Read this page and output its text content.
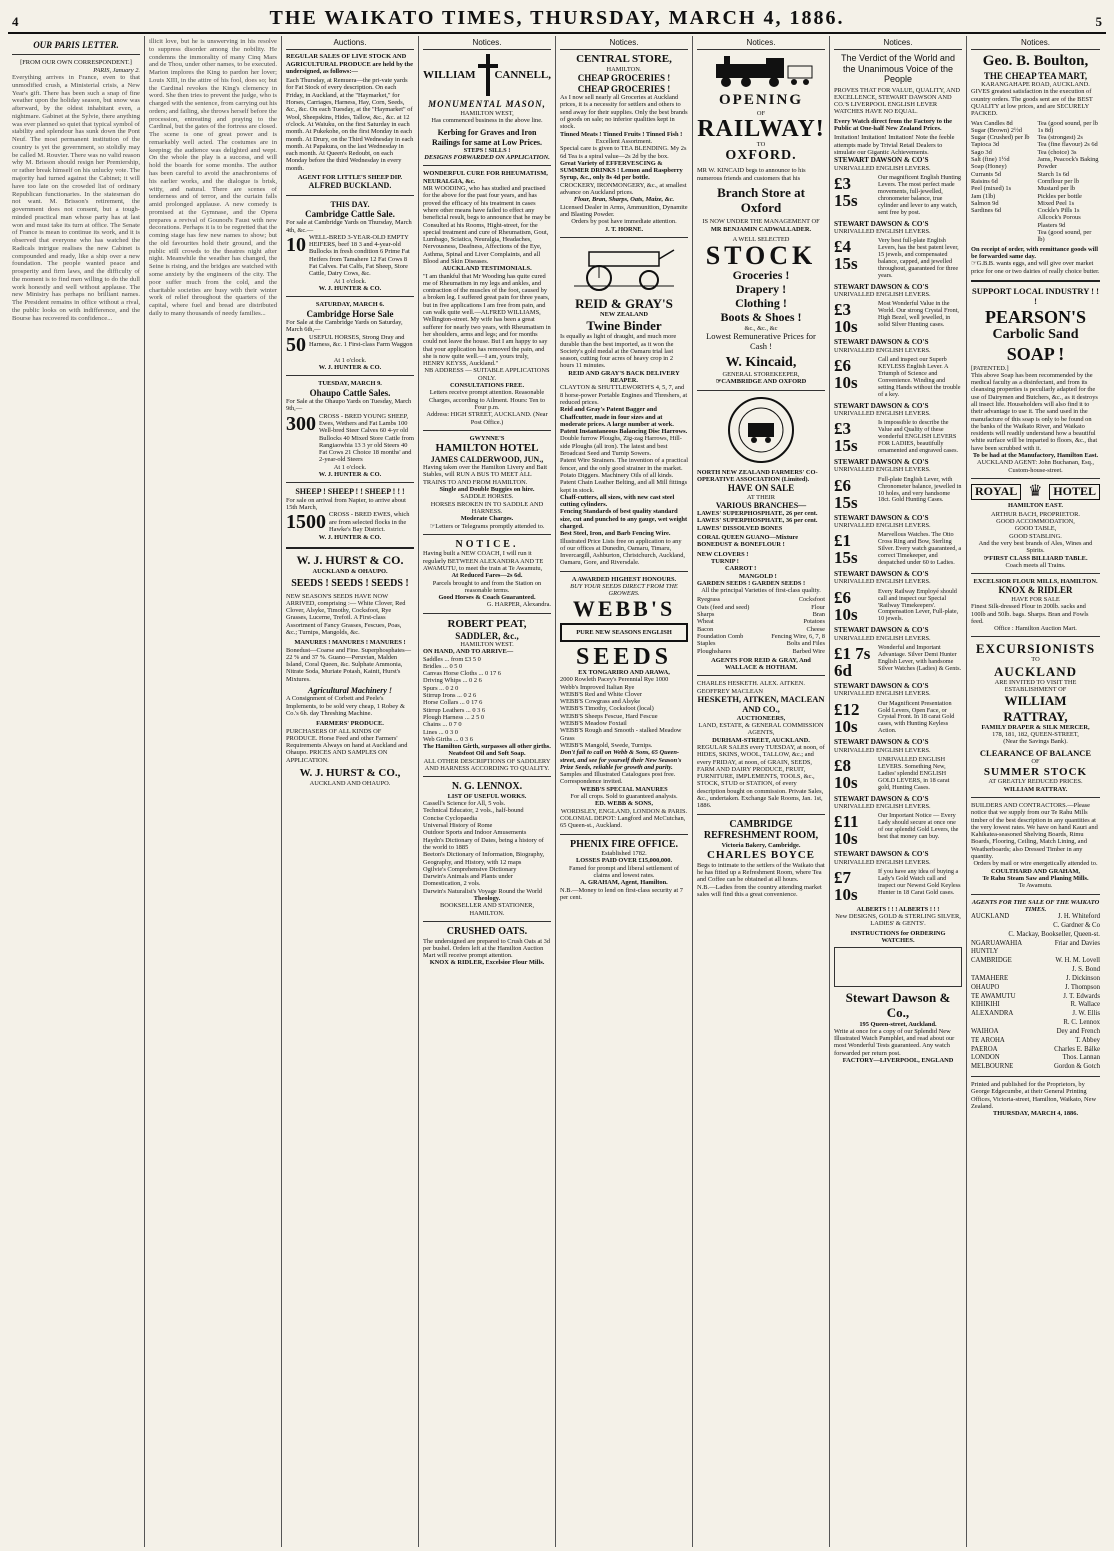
4	THE WAIKATO TIMES, THURSDAY, MARCH 4, 1886.	5
OUR PARIS LETTER.
[FROM OUR OWN CORRESPONDENT.]
PARIS, January 2.
Everything arrives in France, even to that unmodified crush, a Ministerial crisis, a New Year's gift. There has been such a snap of fine weather upon the holiday season, but snow was afterward, by the oldest inhabitant even, a nightmare. Gabinet at the Sylvie, there anything was ever planned so quiet that typical symbol of stability and splendour has sunk down the Pont Neuf. The most permanent institution of the country is yet the government, so stolidly may be called M. Rouvier. There was no valid reason why M. Brisson should resign her Premiership, or rather break himself on his unlucky vote. The majority had turned against the Cabinet; it will have too late on the crowded list of ordinary Republican functionaries. In the statesman do not want. M. Brisson's retirement, the government does not consent, but a tough-minded practical man whose party has at last won and must take its turn at office. The Senate of France is mean to continue its work, and it is observed that everyone who has watched the Radicals intrigue realises the new Cabinet is compounded and ready, like a ship over a new foundation. The people wanted peace and prosperity and firm laws, and the difficulty of the moment is to find men willing to do the dull work honestly and well without applause. The new Ministry has perhaps no brilliant names. The President remains in office without a rival, the public looks on with indifference, and the Bourse has recovered its confidence...
illicit love, but he is unswerving in his resolve to suppress disorder among the nobility. He condemns the immorality of many Cinq Mars and de Thou, under other names, to be executed. Marion implores the King to pardon her lover; Louis XIII, in the attire of his fool, does so; but the Cardinal revokes the King's clemency in word. She then tries to prevent the judge, who is charged with the sentence, from carrying out his orders; and failing, she throws herself before the procession, entreating and praying to the Cardinal, but the gates of the fortress are closed. The scene is one of great power and is remarkably well acted. The costumes are in keeping; the audience was delighted and wept. On the whole the play is a success, and will hold the boards for some months. The author has been careful to avoid the anachronisms of his earlier works, and the dialogue is brisk, witty, and natural. There are scenes of tenderness and of terror, and the curtain falls amid prolonged applause. A new comedy is promised at the Gymnase, and the Opera prepares a revival of Gounod's Faust with new decorations. Perhaps it is to be regretted that the coming stage has few new names to show; but the old favourites hold their ground, and the public still crowds to the theatres night after night. Meanwhile the weather has changed, the Seine is rising, and the bridges are watched with some anxiety by the engineers of the city. The poor suffer much from the cold, and the charitable societies are busy with their winter work of relief throughout the quarters of the capital, where fuel and bread are distributed daily to many thousands of needy families...
Auctions.
REGULAR SALES OF LIVE STOCK AND AGRICULTURAL PRODUCE are held by the undersigned, as follows:—
Each Thursday, at Remuera—the pri-vate yards for Fat Stock of every description. On each Friday, in Auckland, at the "Haymarket," for Horses, Carriages, Harness, Hay, Corn, Seeds, &c., &c. On each Tuesday, at the "Haymarket" of Wool, Sheepskins, Hides, Tallow, &c., &c. at 12 o'clock. At Waiuku, on the first Saturday in each month. At Pukekohe, on the first Monday in each month. At Drury, on the Third Wednesday in each month. At Papakura, on the last Wednesday in each month. At Queen's Redoubt, on each Monday before the third Wednesday in every month.
AGENT FOR LITTLE'S SHEEP DIP.
ALFRED BUCKLAND.
THIS DAY.
Cambridge Cattle Sale.
For sale at Cambridge Yards on Thursday, March 4th, &c.—
10 WELL-BRED 3-YEAR-OLD EMPTY HEIFERS, beef 18 3 and 4-year-old Bullocks in fresh condition 6 Prime Fat Heifers from Tamahere 12 Fat Cows 8 Fat Calves. Fat Calfs, Fat Sheep, Store Cattle, Dairy Cows, &c.
At 1 o'clock.
W. J. HUNTER & CO.
SATURDAY, MARCH 6.
Cambridge Horse Sale
For Sale at the Cambridge Yards on Saturday, March 6th,—
50 USEFUL HORSES, Strong Dray and Harness, &c. 1 First-class Farm Waggon
At 1 o'clock.
W. J. HUNTER & CO.
TUESDAY, MARCH 9.
Ohaupo Cattle Sales.
For Sale at the Ohaupo Yards on Tuesday, March 9th,—
300 CROSS - BRED YOUNG SHEEP, Ewes, Wethers and Fat Lambs 100 Well-bred Steer Calves 60 4-yr old Bullocks 40 Mixed Store Cattle from Rangiaowhia 13 3 yr old Steers 40 Fat Cows 21 Choice 18 months' and 2-year-old Steers
At 1 o'clock.
W. J. HUNTER & CO.
SHEEP ! SHEEP ! ! SHEEP ! ! !
For sale on arrival from Napier, to arrive about 15th March,
1500 CROSS - BRED EWES, which are from selected flocks in the Hawke's Bay District.
W. J. HUNTER & CO.
W. J. HURST & CO.
AUCKLAND & OHAUPO.
SEEDS ! SEEDS ! SEEDS !
NEW SEASON'S SEEDS HAVE NOW ARRIVED, comprising :— White Clover, Red Clover, Alsyke, Timothy, Cocksfoot, Rye Grasses, Lucerne, Trefoil. A First-class Assortment of Fancy Grasses, Fescues, Poas, &c.; Turnips, Mangolds, &c.
MANURES ! MANURES ! MANURES !
Bonedust—Coarse and Fine. Superphosphates—22 % and 37 %. Guano—Peruvian, Malden Island, Coral Queen, &c. Sulphate Ammonia, Nitrate Soda, Muriate Potash, Kainit, Hurst's Mixtures.
Agricultural Machinery !
A Consignment of Corbett and Peele's Implements, to be sold very cheap, 1 Robey & Co.'s 6h. day Threshing Machine.
FARMERS' PRODUCE.
PURCHASERS OF ALL KINDS OF PRODUCE. Horse Feed and other Farmers' Requirements Always on hand at Auckland and Ohaupo. PRICES AND SAMPLES ON APPLICATION.
W. J. HURST & CO.,
AUCKLAND AND OHAUPO.
Notices.
WILLIAM CANNELL,
MONUMENTAL MASON,
HAMILTON WEST,
Has commenced business in the above line.
Kerbing for Graves and Iron Railings for same at Low Prices.
STEPS ! SILLS !
DESIGNS FORWARDED ON APPLICATION.
WONDERFUL CURE FOR RHEUMATISM, NEURALGIA, &c.
MR WOODING, who has studied and practised for the above for the past four years, and has proved the efficacy of his treatment in cases where other means have failed to effect any beneficial result, begs to announce that he may be Consulted at his Rooms, Hight-street, for the special treatment and cure of Rheumatism, Gout, Lumbago, Sciatica, Neuralgia, Headaches, Nervousness, Deafness, Affections of the Eye, Asthma, Spinal and Liver Complaints, and all Blood and Skin Diseases.
AUCKLAND TESTIMONIALS.
"I am thankful that Mr Wooding has quite cured me of Rheumatism in my legs and ankles, and contraction of the muscles of the foot, caused by a broken leg. I suffered great pain for three years, but in five applications I am free from pain, and can walk quite well.—ALFRED WILLIAMS, Wellington-street. My wife has been a great sufferer for nearly two years, with Rheumatism in her shoulders, arms and legs; and for months could not leave the house. But I am happy to say that your application has removed the pain, and she is now quite well.—I am, yours truly, HENRY KEYSS, Auckland."
NB ADDRESS — SUITABLE APPLICATIONS ONLY.
CONSULTATIONS FREE.
Letters receive prompt attention. Reasonable Charges, according to Ailment. Hours: Ten to Four p.m.
Address: HIGH STREET, AUCKLAND. (Near Post Office.)
GWYNNE'S
HAMILTON HOTEL
JAMES CALDERWOOD, JUN.,
Having taken over the Hamilton Livery and Bait Stables, will RUN A BUS TO MEET ALL TRAINS TO AND FROM HAMILTON.
Single and Double Buggies on hire.
SADDLE HORSES.
HORSES BROKEN IN TO SADDLE AND HARNESS.
Moderate Charges.
☞Letters or Telegrams promptly attended to.
NOTICE.
Having built a NEW COACH, I will run it regularly BETWEEN ALEXANDRA AND TE AWAMUTU, to meet the train at Te Awamutu,
At Reduced Fares—2s 6d.
Parcels brought to and from the Station on reasonable terms.
Good Horses & Coach Guaranteed.
G. HARPER, Alexandra.
ROBERT PEAT,
SADDLER, &c.,
HAMILTON WEST.
ON HAND, AND TO ARRIVE—
Saddles ... from £3 5 0
Bridles ... 0 5 0
Canvas Horse Cloths ... 0 17 6
Driving Whips ... 0 2 6
Spurs ... 0 2 0
Stirrup Irons ... 0 2 6
Horse Collars ... 0 17 6
Stirrup Leathers ... 0 3 6
Plough Harness ... 2 5 0
Chains ... 0 7 0
Lines ... 0 3 0
Web Girths ... 0 3 6
The Hamilton Girth, surpasses all other girths.
Neatsfoot Oil and Soft Soap.
ALL OTHER DESCRIPTIONS OF SADDLERY AND HARNESS ACCORDING TO QUALITY.
N. G. LENNOX.
LIST OF USEFUL WORKS.
Cassell's Science for All, 5 vols.
Technical Educator, 2 vols., half-bound
Concise Cyclopaedia
Universal History of Rome
Outdoor Sports and Indoor Amusements
Haydn's Dictionary of Dates, being a history of the world to 1885
Beeton's Dictionary of Information, Biography, Geography, and History, with 12 maps
Ogilvie's Comprehensive Dictionary
Darwin's Animals and Plants under Domestication, 2 vols.
Darwin's Naturalist's Voyage Round the World
Theology.
BOOKSELLER AND STATIONER, HAMILTON.
CRUSHED OATS.
The undersigned are prepared to Crush Oats at 3d per bushel. Orders left at the Hamilton Auction Mart will receive prompt attention.
KNOX & RIDLER, Excelsior Flour Mills.
Notices.
CENTRAL STORE,
HAMILTON.
CHEAP GROCERIES !
CHEAP GROCERIES !
As I now sell nearly all Groceries at Auckland prices, it is a necessity for settlers and others to send away for their supplies. Only the best brands of goods on sale; no inferior qualities kept in stock.
Tinned Meats ! Tinned Fruits ! Tinned Fish !
Excellent Assortment.
Special care is given to TEA BLENDING. My 2s 6d Tea is a spiral value—2s 2d by the box.
Great Variety of EFFERVESCING & SUMMER DRINKS ! Lemon and Raspberry Syrup, &c., only 8s 4d per bottle.
CROCKERY, IRONMONGERY, &c., at smallest advance on Auckland prices.
Flour, Bran, Sharps, Oats, Maize, &c.
Licensed Dealer in Arms, Ammunition, Dynamite and Blasting Powder.
Orders by post have immediate attention.
J. T. HORNE.
REID & GRAY'S
NEW ZEALAND
Twine Binder
Is equally as light of draught, and much more durable than the best imported, as it won the Society's gold medal at the Oamaru trial last season, cutting four acres of heavy crop in 2 hours 11 minutes.
REID AND GRAY'S BACK DELIVERY REAPER.
CLAYTON & SHUTTLEWORTH'S 4, 5, 7, and 8 horse-power Portable Engines and Threshers, at reduced prices.
Reid and Gray's Patent Bagger and Chaffcutter, made in four sizes and at moderate prices. A large number at work.
Patent Instantaneous Balancing Disc Harrows.
Double furrow Ploughs, Zig-zag Harrows, Hill-side Ploughs (all iron). The latest and best Broadcast Seed and Turnip Sowers.
Patent Wire Strainers. The invention of a practical fencer, and the only good strainer in the market.
Potato Diggers. Machinery Oils of all kinds.
Patent Chain Leather Belting, and all Mill fittings kept in stock.
Chaff-cutters, all sizes, with new cast steel cutting cylinders.
Fencing Standards of best quality standard size, cut and punched to any gauge, wet weight charged.
Best Steel, Iron, and Barb Fencing Wire.
Illustrated Price Lists free on application to any of our offices at Dunedin, Oamaru, Timaru, Invercargill, Ashburton, Christchurch, Auckland, Oamaru, Gore, and Riversdale.
A AWARDED HIGHEST HONOURS.
BUY YOUR SEEDS DIRECT FROM THE GROWERS.
WEBB'S
PURE NEW SEASONS ENGLISH
SEEDS
EX TONGARIRO AND ARAWA,
2000 Rowleth Pacey's Perennial Rye 1000 Webb's Improved Italian Rye
WEBB'S Red and White Clover
WEBB'S Cowgrass and Alsyke
WEBB'S Timothy, Cocksfoot (local)
WEBB'S Sheeps Fescue, Hard Fescue
WEBB'S Meadow Foxtail
WEBB'S Rough and Smooth - stalked Meadow Grass
WEBB'S Mangold, Swede, Turnips.
Don't fail to call on Webb & Sons, 65 Queen-street, and see for yourself their New Season's Prize Seeds, reliable for growth and purity.
Samples and Illustrated Catalogues post free. Correspondence invited.
WEBB'S SPECIAL MANURES
For all crops. Sold to guaranteed analysis.
ED. WEBB & SONS,
WORDSLEY, ENGLAND, LONDON & PARIS.
COLONIAL DEPOT: Langford and McCutchan, 65 Queen-st., Auckland.
PHENIX FIRE OFFICE.
Established 1782.
LOSSES PAID OVER £15,000,000.
Famed for prompt and liberal settlement of claims and lowest rates.
A. GRAHAM, Agent, Hamilton.
N.B.—Money to lend on first-class security at 7 per cent.
Notices.
OPENING
OF
RAILWAY!
TO
OXFORD.
MR W. KINCAID begs to announce to his numerous friends and customers that his
Branch Store at Oxford
IS NOW UNDER THE MANAGEMENT OF
MR BENJAMIN CADWALLADER.
A WELL SELECTED
STOCK
Groceries !
Drapery !
Clothing !
Boots & Shoes !
&c., &c., &c
Lowest Remunerative Prices for Cash !
W. Kincaid,
GENERAL STOREKEEPER,
☞CAMBRIDGE AND OXFORD
NORTH NEW ZEALAND FARMERS' CO-OPERATIVE ASSOCIATION (Limited).
HAVE ON SALE
AT THEIR
VARIOUS BRANCHES—
LAWES' SUPERPHOSPHATE, 26 per cent.
LAWES' SUPERPHOSPHATE, 36 per cent.
LAWES' DISSOLVED BONES
CORAL QUEEN GUANO—Mixture BONEDUST & BONEFLOUR !
NEW CLOVERS !
TURNIP !
CARROT !
MANGOLD !
GARDEN SEEDS ! GARDEN SEEDS !
All the principal Varieties of first-class quality.
Ryegrass
Oats (feed and seed)
Sharps
Wheat
Bacon
Foundation Comb
Staples
Ploughshares
Cocksfoot
Flour
Bran
Potatoes
Cheese
Fencing Wire, 6, 7, 8
Bolts and Files
Barbed Wire
AGENTS FOR REID & GRAY, And WALLACE & HOTHAM.
CHARLES HESKETH. ALEX. AITKEN. GEOFFREY MACLEAN
HESKETH, AITKEN, MACLEAN AND CO.,
AUCTIONEERS,
LAND, ESTATE, & GENERAL COMMISSION AGENTS,
DURHAM-STREET, AUCKLAND.
REGULAR SALES every TUESDAY, at noon, of HIDES, SKINS, WOOL, TALLOW, &c.; and every FRIDAY, at noon, of GRAIN, SEEDS, FARM AND DAIRY PRODUCE, FRUIT, FURNITURE, IMPLEMENTS, TOOLS, &c., STOCK, STUD or STATION, of every description bought on commission. Private Sales, &c., undertaken. Exchange Sale Rooms, Jan. 1st, 1886.
CAMBRIDGE
REFRESHMENT ROOM,
Victoria Bakery, Cambridge.
CHARLES BOYCE
Begs to intimate to the settlers of the Waikato that he has fitted up a Refreshment Room, where Tea and Coffee can be obtained at all hours.
N.B.—Ladies from the country attending market sales will find this a great convenience.
Notices.
The Verdict of the World and the Unanimous Voice of the People
PROVES THAT FOR VALUE, QUALITY, AND EXCELLENCE, STEWART DAWSON AND CO.'S LIVERPOOL ENGLISH LEVER WATCHES HAVE NO EQUAL.
Every Watch direct from the Factory to the Public at One-half New Zealand Prices.
Imitation! Imitation! Imitation! Note the feeble attempts made by Trivial Retail Dealers to simulate our Gigantic Achievements.
STEWART DAWSON & CO'S
UNRIVALLED ENGLISH LEVERS.
£3 15s
Our magnificent English Hunting Levers. The most perfect made movements, full-jewelled, chronometer balance, true cylinder and lever to any watch, sent free by post.
STEWART DAWSON & CO'S
UNRIVALLED ENGLISH LEVERS.
£4 15s
Very best full-plate English Levers, has the best patent lever, 15 jewels, and compensated balance, capped, and jewelled throughout, guaranteed for three years.
STEWART DAWSON & CO'S
UNRIVALLED ENGLISH LEVERS.
£3 10s
Most Wonderful Value in the World. Our strong Crystal Front, High Bezel, well jewelled, in solid Silver Hunting cases.
STEWART DAWSON & CO'S
UNRIVALLED ENGLISH LEVERS.
£6 10s
Call and inspect our Superb KEYLESS English Lever. A Triumph of Science and Convenience. Winding and setting Hands without the trouble of a key.
STEWART DAWSON & CO'S
UNRIVALLED ENGLISH LEVERS.
£3 15s
Is impossible to describe the Value and Quality of these wonderful ENGLISH LEVERS FOR LADIES, beautifully ornamented and engraved cases.
STEWART DAWSON & CO'S
UNRIVALLED ENGLISH LEVERS.
£6 15s
Full-plate English Lever, with Chronometer balance, jewelled in 10 holes, and very handsome 18ct. Gold Hunting Cases.
STEWART DAWSON & CO'S
UNRIVALLED ENGLISH LEVERS.
£1 15s
Marvellous Watches. The Otto Cross Ring and Bow, Sterling Silver. Every watch guaranteed, a correct Timekeeper, and despatched under 60 to Ladies.
STEWART DAWSON & CO'S
UNRIVALLED ENGLISH LEVERS.
£6 10s
Every Railway Employé should call and inspect our Special 'Railway Timekeepers'. Compensation Lever, Full-plate, 10 jewels.
STEWART DAWSON & CO'S
UNRIVALLED ENGLISH LEVERS.
£1 7s 6d
Wonderful and Important Advantage. Silver Demi Hunter English Lever, with handsome Silver Watches (Ladies) & Gents.
STEWART DAWSON & CO'S
UNRIVALLED ENGLISH LEVERS.
£12 10s
Our Magnificent Presentation Gold Levers, Open Face, or Crystal Front. In 18 carat Gold cases, with Hunting Keyless Action.
STEWART DAWSON & CO'S
UNRIVALLED ENGLISH LEVERS.
£8 10s
UNRIVALLED ENGLISH LEVERS. Something New, Ladies' splendid ENGLISH GOLD LEVERS, in 18 carat gold, Hunting Cases.
STEWART DAWSON & CO'S
UNRIVALLED ENGLISH LEVERS.
£11 10s
Our Important Notice — Every Lady should secure at once one of our splendid Gold Levers, the best that money can buy.
STEWART DAWSON & CO'S
UNRIVALLED ENGLISH LEVERS.
£7 10s
If you have any idea of buying a Lady's Gold Watch call and inspect our Newest Gold Keyless Hunter in 18 Carat Gold cases.
ALBERTS ! ! ! ALBERTS ! ! !
New DESIGNS, GOLD & STERLING SILVER, LADIES' & GENTS'.
INSTRUCTIONS for ORDERING WATCHES.
Stewart Dawson & Co.,
195 Queen-street, Auckland.
Write at once for a copy of our Splendid New Illustrated Watch Pamphlet, and read about our most Wonderful Tests guaranteed. Any watch forwarded per return post.
FACTORY—LIVERPOOL, ENGLAND
Notices.
Geo. B. Boulton,
THE CHEAP TEA MART,
KARANGAHAPE ROAD, AUCKLAND.
GIVES greatest satisfaction in the execution of country orders. The goods sent are of the BEST QUALITY at low prices, and are SECURELY PACKED.
Wax Candles 8d
Sugar (Brown) 2½d
Sugar (Crushed) per lb
Tapioca 3d
Sago 3d
Salt (fine) 1½d
Soap (Honey)
Currants 5d
Raisins 6d
Peel (mixed) 1s
Jam (1lb)
Salmon 9d
Sardines 6d
Tea (good sound, per lb 1s 8d)
Tea (strongest) 2s
Tea (fine flavour) 2s 6d
Tea (choice) 3s
Jams, Peacock's Baking Powder
Starch 1s 6d
Cornflour per lb
Mustard per lb
Pickles per bottle
Mixed Peel 1s
Cockle's Pills 1s
Allcock's Porous Plasters 9d
Tea (good sound, per lb)
On receipt of order, with remittance goods will be forwarded same day.
☞G.B.B. wants eggs, and will give over market price for one or two dairies of really choice butter.
SUPPORT LOCAL INDUSTRY ! ! !
PEARSON'S
Carbolic Sand
SOAP !
[PATENTED.]
This above Soap has been recommended by the medical faculty as a disinfectant, and from its cleansing properties is peculiarly adapted for the use of Dairymen and Butchers, &c., as it destroys all insect life. Householders will also find it to their advantage to use it. The sand used in the manufacture of this soap is only to be found on the banks of the Waikato River, and Waikato residents will readily understand how a beautiful white surface will be imparted to floors, &c., that have been scrubbed with it.
To be had at the Manufactory, Hamilton East.
AUCKLAND AGENT: John Buchanan, Esq., Custom-house-street.
ROYAL ♛ HOTEL
HAMILTON EAST.
ARTHUR BACH, PROPRIETOR.
GOOD ACCOMMODATION,
GOOD TABLE,
GOOD STABLING.
And the very best brands of Ales, Wines and Spirits.
☞FIRST CLASS BILLIARD TABLE.
Coach meets all Trains.
EXCELSIOR FLOUR MILLS, HAMILTON.
KNOX & RIDLER
HAVE FOR SALE
Finest Silk-dressed Flour in 200lb. sacks and 100lb and 50lb. bags. Sharps. Bran and Fowls feed.
Office : Hamilton Auction Mart.
EXCURSIONISTS
TO
AUCKLAND
ARE INVITED TO VISIT THE ESTABLISHMENT OF
WILLIAM RATTRAY,
FAMILY DRAPER & SILK MERCER,
178, 181, 182, QUEEN-STREET,
(Near the Savings Bank).
CLEARANCE OF BALANCE
OF
SUMMER STOCK
AT GREATLY REDUCED PRICES.
WILLIAM RATTRAY.
BUILDERS AND CONTRACTORS.—Please notice that we supply from our Te Rahu Mills timber of the best description in any quantities at the very lowest rates. We have on hand Kauri and Kahikatea-seasoned Shelving Boards, Rimu Boards, Flooring, Ceiling, Match Lining, and Weatherboards; also Dressed Timber in any quantity.
Orders by mail or wire energetically attended to.
COULTHARD AND GRAHAM,
Te Rahu Steam Saw and Planing Mills.
Te Awamutu.
AGENTS FOR THE SALE OF THE WAIKATO TIMES.
AUCKLAND	J. H. Whiteford
C. Gardner & Co
C. Mackay, Bookseller, Queen-st.
NGARUAWAHIA	Friar and Davies
HUNTLY
CAMBRIDGE	W. H. M. Lovell
J. S. Bond
TAMAHERE	J. Dickinson
OHAUPO	J. Thompson
TE AWAMUTU	J. T. Edwards
KIHIKIHI	R. Wallace
ALEXANDRA	J. W. Ellis
R. C. Lennox
WAIHOA	Dey and French
TE AROHA	T. Abbey
PAEROA	Charles E. Bálke
LONDON	Thos. Lannan
MELBOURNE	Gordon & Gotch
Printed and published for the Proprietors, by George Edgecumbe, at their General Printing Offices, Victoria-street, Hamilton, Waikato, New Zealand.
THURSDAY, MARCH 4, 1886.
